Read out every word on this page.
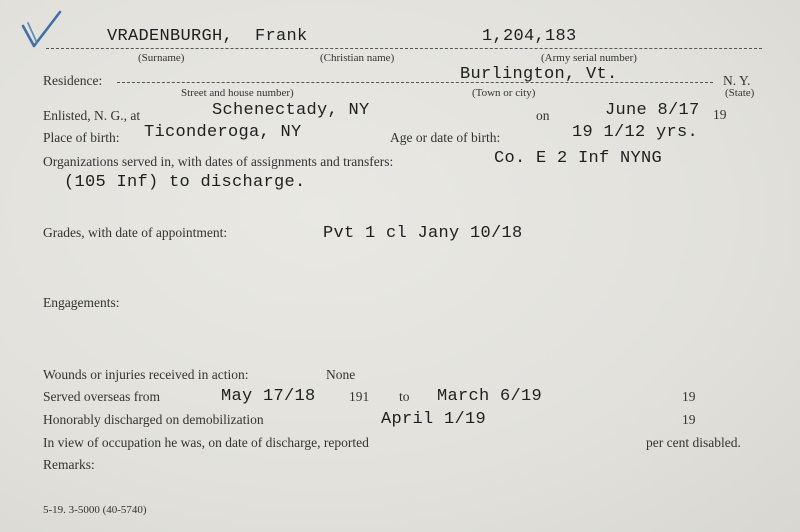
VRADENBURGH, Frank	1,204,183
(Surname)	(Christian name)	(Army serial number)
Residence:	Burlington, Vt.	N. Y.
Street and house number)	(Town or city)	(State)
Enlisted, N. G., at	Schenectady, NY	on	June 8/17 19
Place of birth: Ticonderoga, NY	Age or date of birth:	19 1/12 yrs.
Organizations served in, with dates of assignments and transfers:	Co. E 2 Inf NYNG
(105 Inf) to discharge.
Grades, with date of appointment:	Pvt 1 cl Jany 10/18
Engagements:
Wounds or injuries received in action:	None
Served overseas from	May 17/18 191 to March 6/19	19
Honorably discharged on demobilization	April 1/19	19
In view of occupation he was, on date of discharge, reported	per cent disabled.
Remarks:
5-19. 3-5000 (40-5740)
